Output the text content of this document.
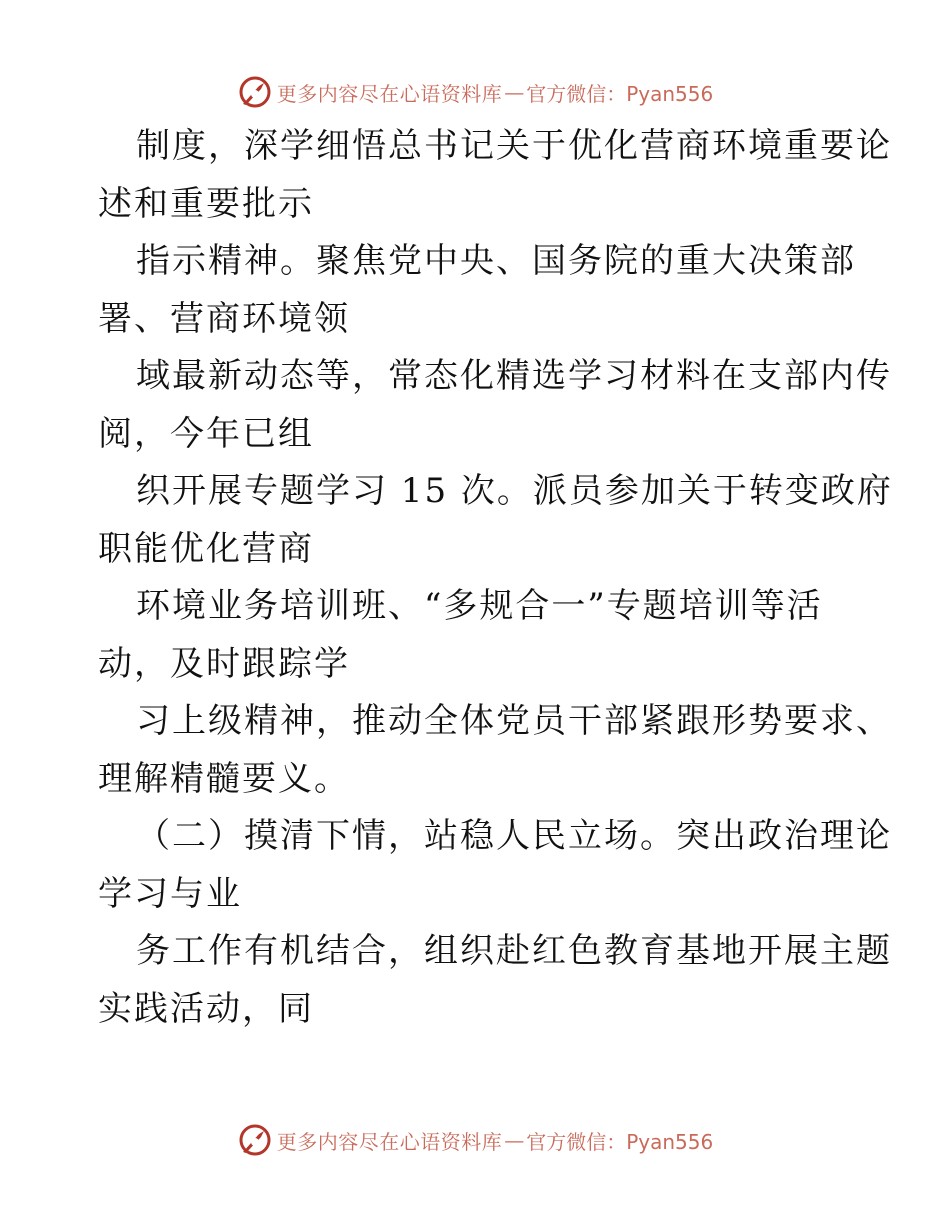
更多内容尽在心语资料库 — 官方微信：Pyan556

制度，深学细悟总书记关于优化营商环境重要论
述和重要批示

指示精神。聚焦党中央、国务院的重大决策部
署、营商环境领

域最新动态等，常态化精选学习材料在支部内传
阅，今年已组

织开展专题学习 15 次。派员参加关于转变政府
职能优化营商

环境业务培训班、“多规合一”专题培训等活
动，及时跟踪学

习上级精神，推动全体党员干部紧跟形势要求、
理解精髓要义。

（二）摸清下情，站稳人民立场。突出政治理论
学习与业

务工作有机结合，组织赴红色教育基地开展主题
实践活动，同

更多内容尽在心语资料库 — 官方微信：Pyan556
